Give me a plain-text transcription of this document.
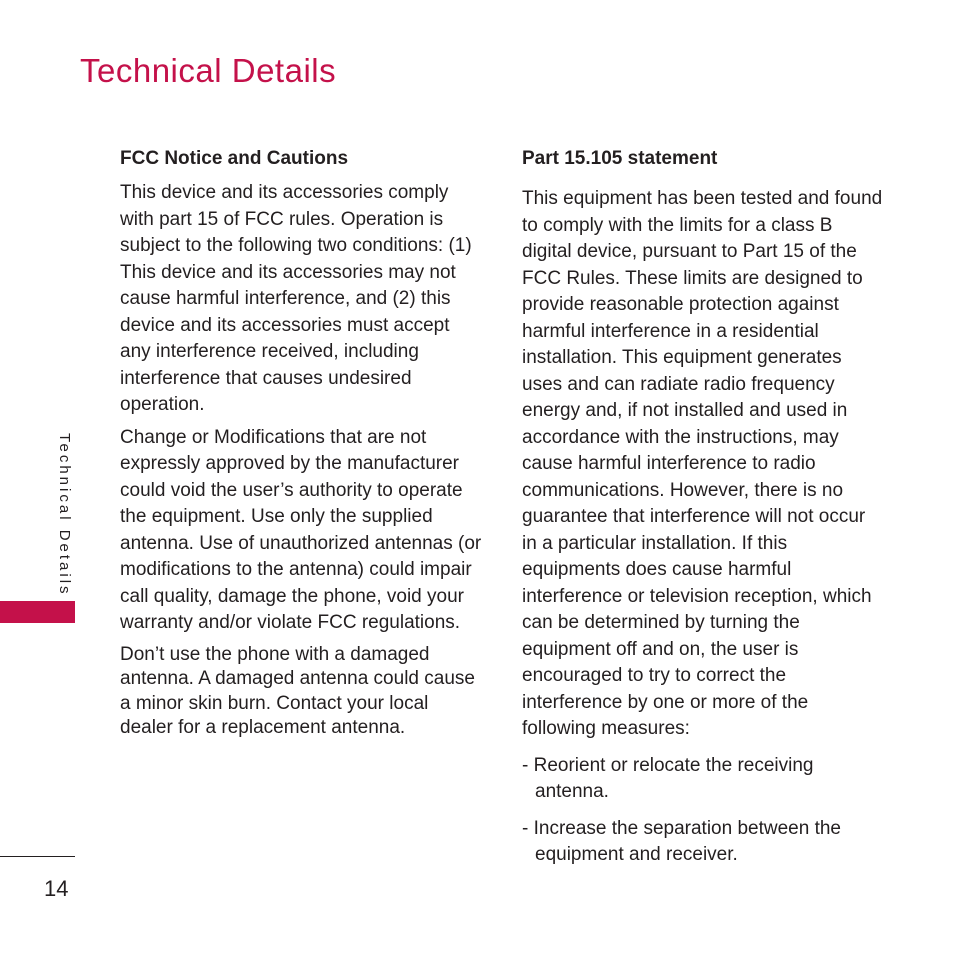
Technical Details
Technical Details
14
FCC Notice and Cautions

This device and its accessories comply with part 15 of FCC rules. Operation is subject to the following two conditions: (1) This device and its accessories may not cause harmful interference, and (2) this device and its accessories must accept any interference received, including interference that causes undesired operation.

Change or Modifications that are not expressly approved by the manufacturer could void the user’s authority to operate the equipment. Use only the supplied antenna. Use of unauthorized antennas (or modifications to the antenna) could impair call quality, damage the phone, void your warranty and/or violate FCC regulations.

Don’t use the phone with a damaged antenna. A damaged antenna could cause a minor skin burn. Contact your local dealer for a replacement antenna.

Part 15.105 statement

This equipment has been tested and found to comply with the limits for a class B digital device, pursuant to Part 15 of the FCC Rules. These limits are designed to provide reasonable protection against harmful interference in a residential installation. This equipment generates uses and can radiate radio frequency energy and, if not installed and used in accordance with the instructions, may cause harmful interference to radio communications. However, there is no guarantee that interference will not occur in a particular installation. If this equipments does cause harmful interference or television reception, which can be determined by turning the equipment off and on, the user is encouraged to try to correct the interference by one or more of the following measures:

- Reorient or relocate the receiving antenna.

- Increase the separation between the equipment and receiver.
